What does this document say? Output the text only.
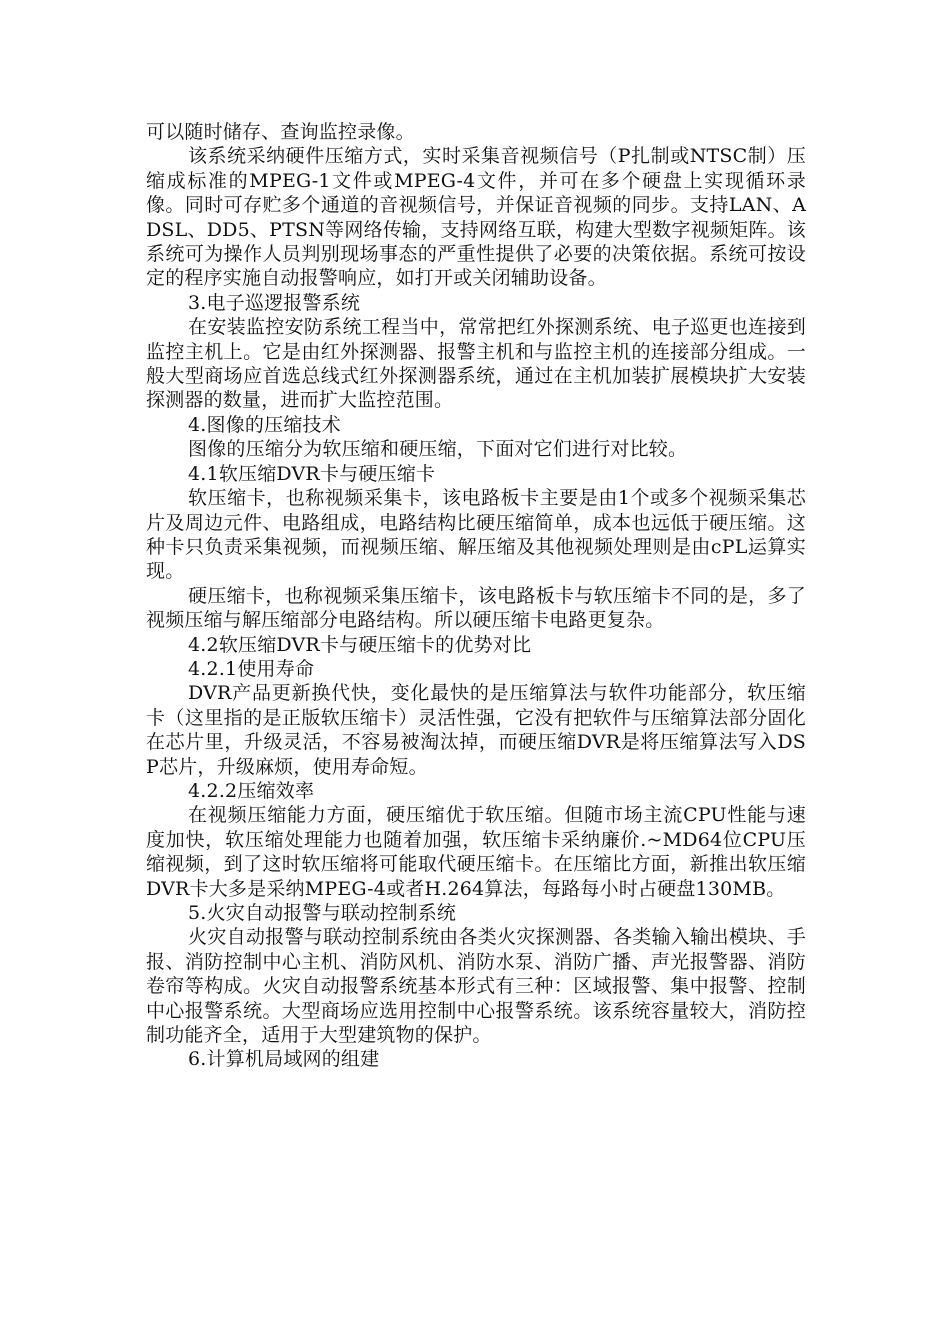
可以随时储存、查询监控录像。

该系统采纳硬件压缩方式，实时采集音视频信号（P扎制或NTSC制）压缩成标准的MPEG-1文件或MPEG-4文件，并可在多个硬盘上实现循环录像。同时可存贮多个通道的音视频信号，并保证音视频的同步。支持LAN、ADSL、DD5、PTSN等网络传输，支持网络互联，构建大型数字视频矩阵。该系统可为操作人员判别现场事态的严重性提供了必要的决策依据。系统可按设定的程序实施自动报警响应，如打开或关闭辅助设备。

3.电子巡逻报警系统

在安装监控安防系统工程当中，常常把红外探测系统、电子巡更也连接到监控主机上。它是由红外探测器、报警主机和与监控主机的连接部分组成。一般大型商场应首选总线式红外探测器系统，通过在主机加装扩展模块扩大安装探测器的数量，进而扩大监控范围。

4.图像的压缩技术

图像的压缩分为软压缩和硬压缩，下面对它们进行对比较。

4.1软压缩DVR卡与硬压缩卡

软压缩卡，也称视频采集卡，该电路板卡主要是由1个或多个视频采集芯片及周边元件、电路组成，电路结构比硬压缩简单，成本也远低于硬压缩。这种卡只负责采集视频，而视频压缩、解压缩及其他视频处理则是由cPL运算实现。

硬压缩卡，也称视频采集压缩卡，该电路板卡与软压缩卡不同的是，多了视频压缩与解压缩部分电路结构。所以硬压缩卡电路更复杂。

4.2软压缩DVR卡与硬压缩卡的优势对比

4.2.1使用寿命

DVR产品更新换代快，变化最快的是压缩算法与软件功能部分，软压缩卡（这里指的是正版软压缩卡）灵活性强，它没有把软件与压缩算法部分固化在芯片里，升级灵活，不容易被淘汰掉，而硬压缩DVR是将压缩算法写入DSP芯片，升级麻烦，使用寿命短。

4.2.2压缩效率

在视频压缩能力方面，硬压缩优于软压缩。但随市场主流CPU性能与速度加快，软压缩处理能力也随着加强，软压缩卡采纳廉价.~MD64位CPU压缩视频，到了这时软压缩将可能取代硬压缩卡。在压缩比方面，新推出软压缩DVR卡大多是采纳MPEG-4或者H.264算法，每路每小时占硬盘130MB。

5.火灾自动报警与联动控制系统

火灾自动报警与联动控制系统由各类火灾探测器、各类输入输出模块、手报、消防控制中心主机、消防风机、消防水泵、消防广播、声光报警器、消防卷帘等构成。火灾自动报警系统基本形式有三种：区域报警、集中报警、控制中心报警系统。大型商场应选用控制中心报警系统。该系统容量较大，消防控制功能齐全，适用于大型建筑物的保护。

6.计算机局域网的组建
